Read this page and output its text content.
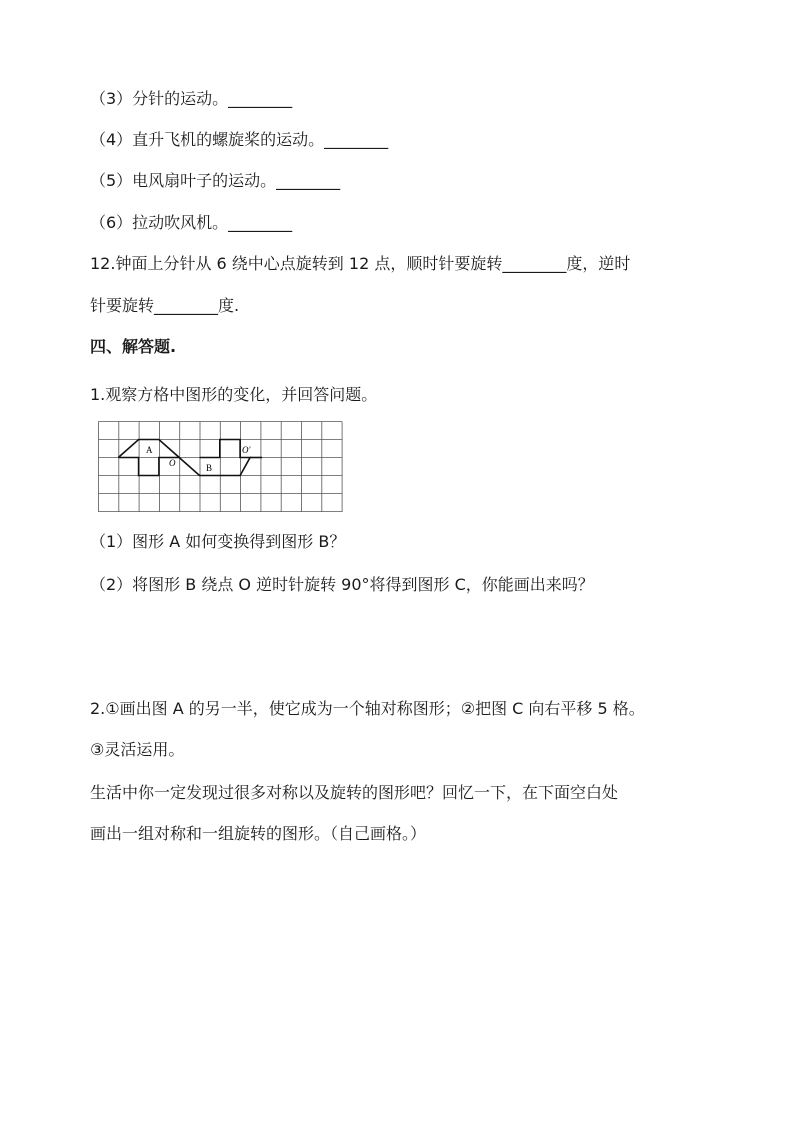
（3）分针的运动。________
（4）直升飞机的螺旋桨的运动。________
（5）电风扇叶子的运动。________
（6）拉动吹风机。________
12.钟面上分针从 6 绕中心点旋转到 12 点，顺时针要旋转________度，逆时
针要旋转________度.
四、解答题.
1.观察方格中图形的变化，并回答问题。
A
B
O
O′
（1）图形 A 如何变换得到图形 B？
（2）将图形 B 绕点 O 逆时针旋转 90°将得到图形 C，你能画出来吗？
2.①画出图 A 的另一半，使它成为一个轴对称图形；②把图 C 向右平移 5 格。
③灵活运用。
生活中你一定发现过很多对称以及旋转的图形吧？回忆一下，在下面空白处
画出一组对称和一组旋转的图形。（自己画格。）
